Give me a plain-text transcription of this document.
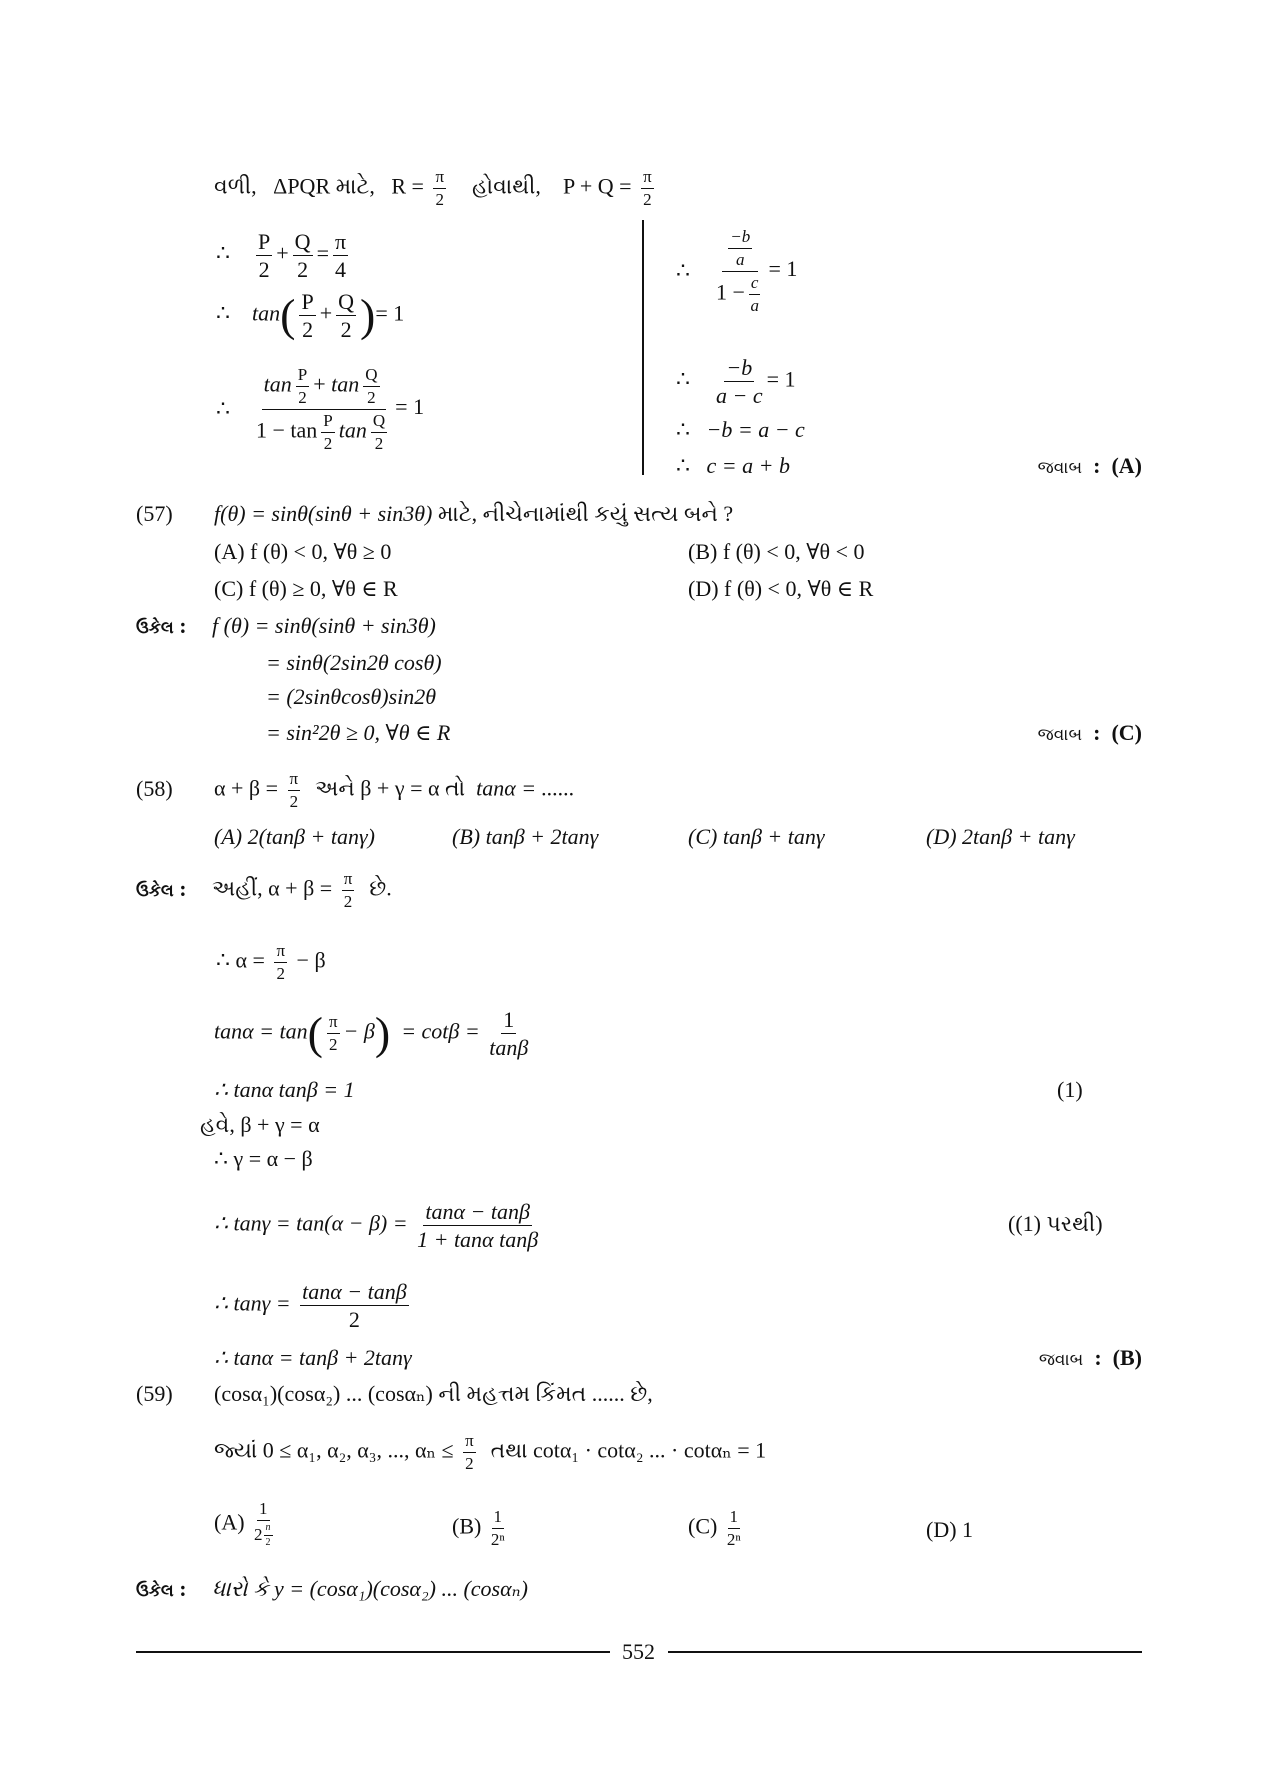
વળી, ΔPQR માટે, $R = \frac{\pi}{2}$ હોવાથી, $P + Q = \frac{\pi}{2}$
∴ $\frac{P}{2} + \frac{Q}{2} = \frac{\pi}{4}$
∴ $\tan( \frac{P}{2} + \frac{Q}{2}$ )= 1
∴ $\frac{\tan \frac{P}{2} + \tan \frac{Q}{2}}{1 - \tan \frac{P}{2} \tan \frac{Q}{2}} = 1$
∴ $\frac{\frac{-b}{a}}{1 - \frac{c}{a}} = 1$
∴ $\frac{-b}{a - c} = 1$
∴ −b = a − c
∴ c = a + b	જવાબ : (A)
(57) f(θ) = sinθ(sinθ + sin3θ) માટે, નીચેનામાંથી કયું સત્ય બને ?
(A) f (θ) < 0, ∀θ ≥ 0	(B) f (θ) < 0, ∀θ < 0
(C) f (θ) ≥ 0, ∀θ ∈ R	(D) f (θ) < 0, ∀θ ∈ R
ઉકેલ : f (θ) = sinθ(sinθ + sin3θ)
= sinθ(2sin2θ cosθ)
= (2sinθcosθ)sin2θ
= sin²2θ ≥ 0, ∀θ ∈ R	જવાબ : (C)
(58) $\alpha + \beta = \frac{\pi}{2}$ અને β + γ = α તો tanα = ......
(A) 2(tanβ + tanγ)	(B) tanβ + 2tanγ	(C) tanβ + tanγ	(D) 2tanβ + tanγ
ઉકેલ : અહીં, $\alpha + \beta = \frac{\pi}{2}$ છે.
∴ $\alpha = \frac{\pi}{2} - \beta$
$\tan\alpha = \tan( \frac{\pi}{2} - \beta) = \cot\beta = \frac{1}{\tan\beta}$
∴ tanα tanβ = 1	(1)
હવે, β + γ = α
∴ γ = α − β
∴ $\tan\gamma = \tan(\alpha - \beta) = \frac{\tan\alpha - \tan\beta}{\text{1 + tanα tanβ}}$	((1) પરથી)
∴ $\tan\gamma = \frac{\tan\alpha - \tan\beta}{2}$
∴ tanα = tanβ + 2tanγ	જવાબ : (B)
(59) (cosα₁)(cosα₂) ... (cosαₙ) ની મહત્તમ કિંમત ...... છે,
જ્યાં 0 ≤ α₁, α₂, α₃, ..., $\alpha_n \le \frac{\pi}{2}$ તથા cotα₁ · cotα₂ ... · cotαₙ = 1
$(A) \frac{1}{2 \frac{n}{2}}$	$(B) \frac{1}{\text{2ⁿ}}$	$(C) \frac{1}{\text{2ⁿ}}$	(D) 1
ઉકેલ : ધારો કે y = (cosα₁)(cosα₂) ... (cosαₙ)
552
